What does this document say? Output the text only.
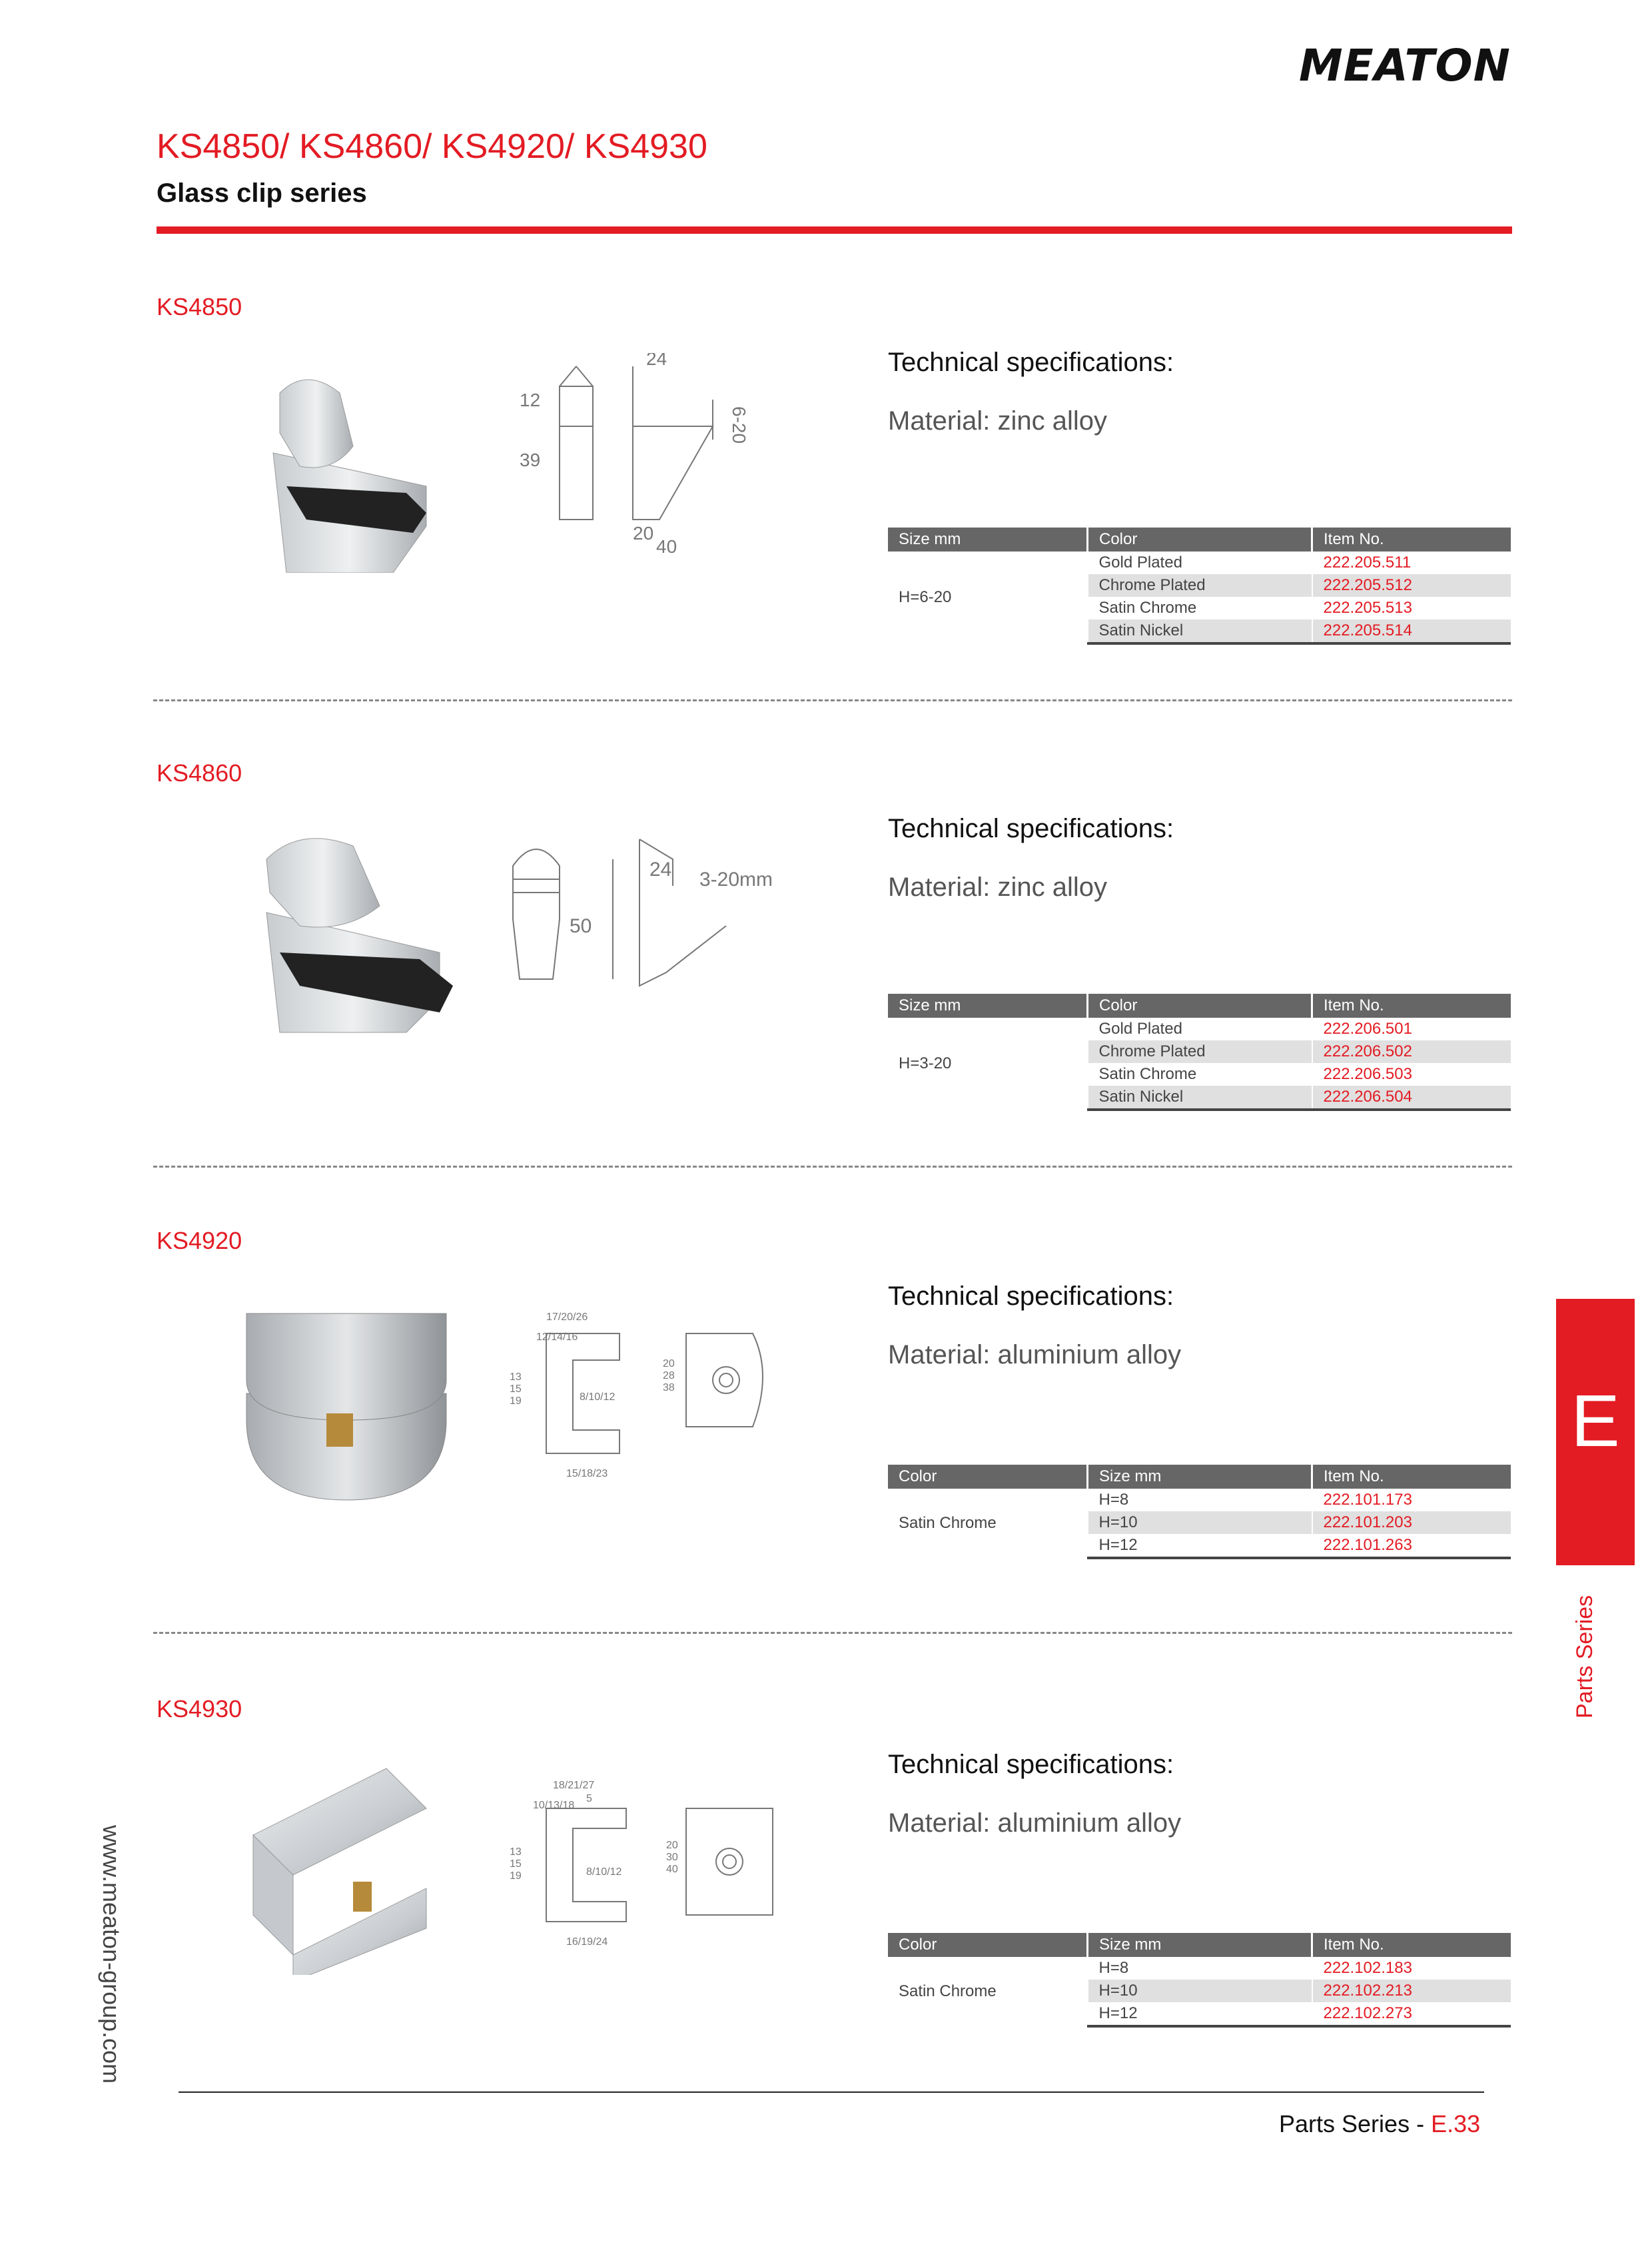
MEATON
KS4850/ KS4860/ KS4920/ KS4930
Glass clip series
KS4850
12
39
24
6-20
20
40
Technical specifications:
Material: zinc alloy
Size mm	Color	Item No.
H=6-20	Gold Plated	222.205.511
	Chrome Plated	222.205.512
	Satin Chrome	222.205.513
	Satin Nickel	222.205.514
KS4860
50
24 3-20mm
Technical specifications:
Material: zinc alloy
Size mm	Color	Item No.
H=3-20	Gold Plated	222.206.501
	Chrome Plated	222.206.502
	Satin Chrome	222.206.503
	Satin Nickel	222.206.504
KS4920
17/20/26
12/14/16
13
15
19	8/10/12
15/18/23
20
28
38
Technical specifications:
Material: aluminium alloy
Color	Size mm	Item No.
Satin Chrome	H=8	222.101.173
	H=10	222.101.203
	H=12	222.101.263
KS4930
18/21/27
10/13/18
13
15
19	8/10/12
16/19/24
20
30
40
5
Technical specifications:
Material: aluminium alloy
Color	Size mm	Item No.
Satin Chrome	H=8	222.102.183
	H=10	222.102.213
	H=12	222.102.273
E
Parts Series
www.meaton-group.com
Parts Series - E.33
